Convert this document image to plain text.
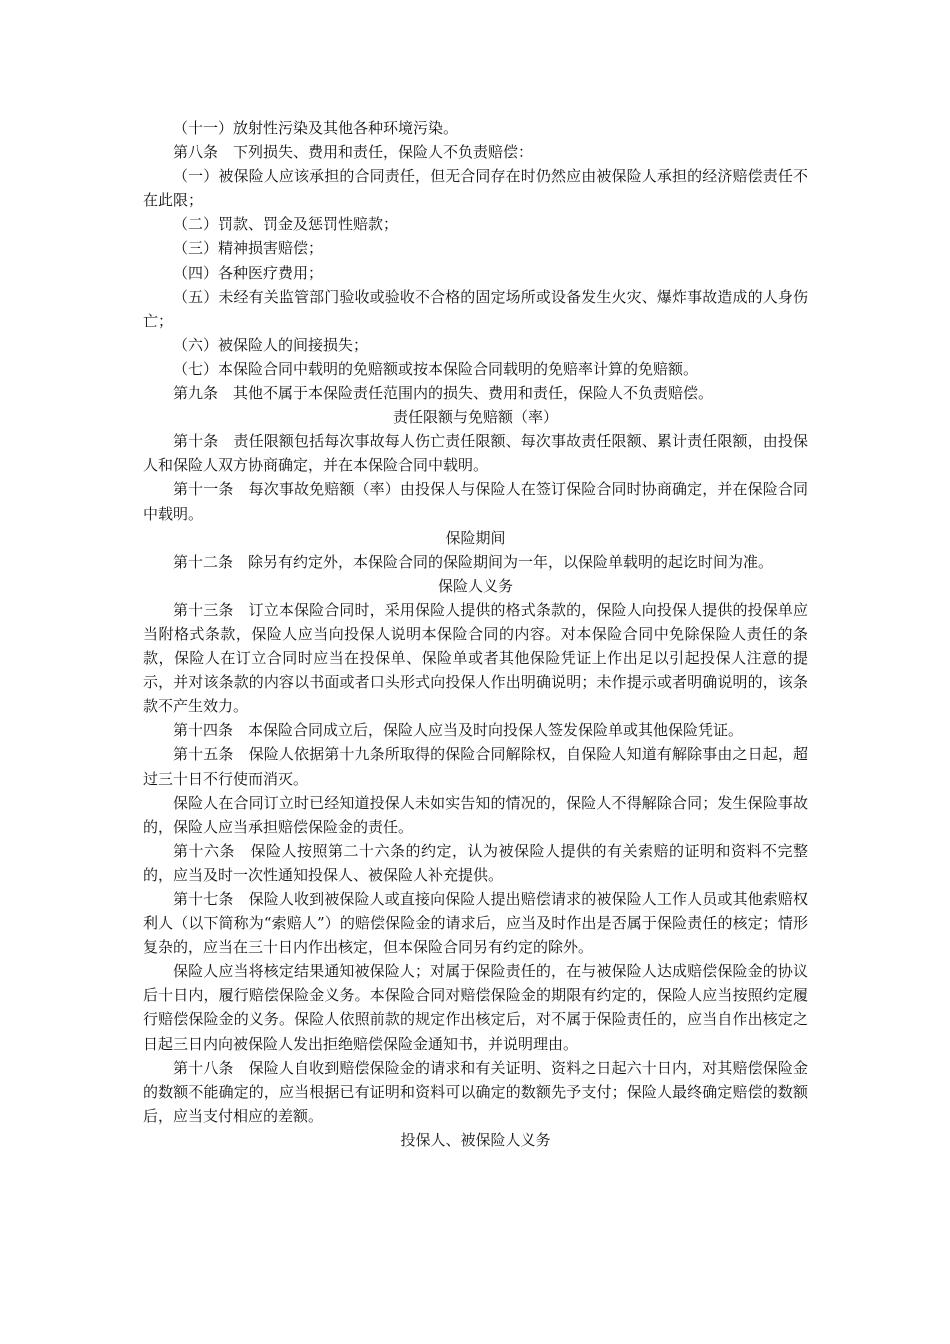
（十一）放射性污染及其他各种环境污染。

第八条　下列损失、费用和责任，保险人不负责赔偿：

（一）被保险人应该承担的合同责任，但无合同存在时仍然应由被保险人承担的经济赔偿责任不在此限；

（二）罚款、罚金及惩罚性赔款；

（三）精神损害赔偿；

（四）各种医疗费用；

（五）未经有关监管部门验收或验收不合格的固定场所或设备发生火灾、爆炸事故造成的人身伤亡；

（六）被保险人的间接损失；

（七）本保险合同中载明的免赔额或按本保险合同载明的免赔率计算的免赔额。

第九条　其他不属于本保险责任范围内的损失、费用和责任，保险人不负责赔偿。

责任限额与免赔额（率）

第十条　责任限额包括每次事故每人伤亡责任限额、每次事故责任限额、累计责任限额，由投保人和保险人双方协商确定，并在本保险合同中载明。

第十一条　每次事故免赔额（率）由投保人与保险人在签订保险合同时协商确定，并在保险合同中载明。

保险期间

第十二条　除另有约定外，本保险合同的保险期间为一年，以保险单载明的起讫时间为准。

保险人义务

第十三条　订立本保险合同时，采用保险人提供的格式条款的，保险人向投保人提供的投保单应当附格式条款，保险人应当向投保人说明本保险合同的内容。对本保险合同中免除保险人责任的条款，保险人在订立合同时应当在投保单、保险单或者其他保险凭证上作出足以引起投保人注意的提示，并对该条款的内容以书面或者口头形式向投保人作出明确说明；未作提示或者明确说明的，该条款不产生效力。

第十四条　本保险合同成立后，保险人应当及时向投保人签发保险单或其他保险凭证。

第十五条　保险人依据第十九条所取得的保险合同解除权，自保险人知道有解除事由之日起，超过三十日不行使而消灭。

保险人在合同订立时已经知道投保人未如实告知的情况的，保险人不得解除合同；发生保险事故的，保险人应当承担赔偿保险金的责任。

第十六条　保险人按照第二十六条的约定，认为被保险人提供的有关索赔的证明和资料不完整的，应当及时一次性通知投保人、被保险人补充提供。

第十七条　保险人收到被保险人或直接向保险人提出赔偿请求的被保险人工作人员或其他索赔权利人（以下简称为“索赔人”）的赔偿保险金的请求后，应当及时作出是否属于保险责任的核定；情形复杂的，应当在三十日内作出核定，但本保险合同另有约定的除外。

保险人应当将核定结果通知被保险人；对属于保险责任的，在与被保险人达成赔偿保险金的协议后十日内，履行赔偿保险金义务。本保险合同对赔偿保险金的期限有约定的，保险人应当按照约定履行赔偿保险金的义务。保险人依照前款的规定作出核定后，对不属于保险责任的，应当自作出核定之日起三日内向被保险人发出拒绝赔偿保险金通知书，并说明理由。

第十八条　保险人自收到赔偿保险金的请求和有关证明、资料之日起六十日内，对其赔偿保险金的数额不能确定的，应当根据已有证明和资料可以确定的数额先予支付；保险人最终确定赔偿的数额后，应当支付相应的差额。

投保人、被保险人义务
